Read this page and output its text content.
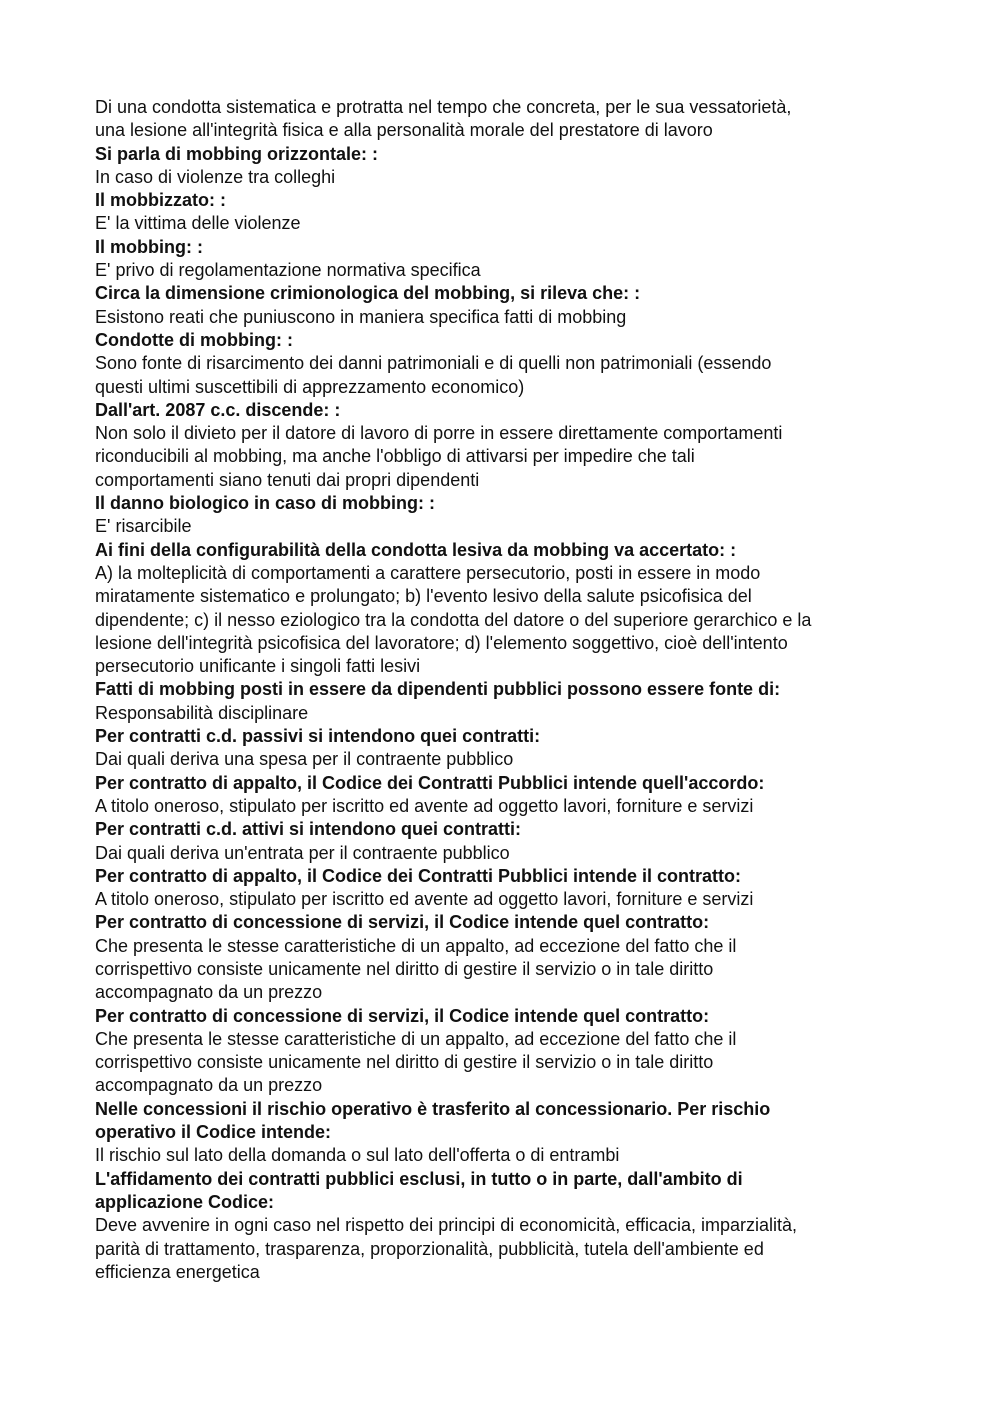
Di una condotta sistematica e protratta nel tempo che concreta, per le sua vessatorietà,
una lesione all'integrità fisica e alla personalità morale del prestatore di lavoro
Si parla di mobbing orizzontale: :
In caso di violenze tra colleghi
Il mobbizzato: :
E' la vittima delle violenze
Il mobbing: :
E' privo di regolamentazione normativa specifica
Circa la dimensione crimionologica del mobbing, si rileva che: :
Esistono reati che puniuscono in maniera specifica fatti di mobbing
Condotte di mobbing: :
Sono fonte di risarcimento dei danni patrimoniali e di quelli non patrimoniali (essendo
questi ultimi suscettibili di apprezzamento economico)
Dall'art. 2087 c.c. discende: :
Non solo il divieto per il datore di lavoro di porre in essere direttamente comportamenti
riconducibili al mobbing, ma anche l'obbligo di attivarsi per impedire che tali
comportamenti siano tenuti dai propri dipendenti
Il danno biologico in caso di mobbing: :
E' risarcibile
Ai fini della configurabilità della condotta lesiva da mobbing va accertato: :
A) la molteplicità di comportamenti a carattere persecutorio, posti in essere in modo
miratamente sistematico e prolungato; b) l'evento lesivo della salute psicofisica del
dipendente; c) il nesso eziologico tra la condotta del datore o del superiore gerarchico e la
lesione dell'integrità psicofisica del lavoratore; d) l'elemento soggettivo, cioè dell'intento
persecutorio unificante i singoli fatti lesivi
Fatti di mobbing posti in essere da dipendenti pubblici possono essere fonte di:
Responsabilità disciplinare
Per contratti c.d. passivi si intendono quei contratti:
Dai quali deriva una spesa per il contraente pubblico
Per contratto di appalto, il Codice dei Contratti Pubblici intende quell'accordo:
A titolo oneroso, stipulato per iscritto ed avente ad oggetto lavori, forniture e servizi
Per contratti c.d. attivi si intendono quei contratti:
Dai quali deriva un'entrata per il contraente pubblico
Per contratto di appalto, il Codice dei Contratti Pubblici intende il contratto:
A titolo oneroso, stipulato per iscritto ed avente ad oggetto lavori, forniture e servizi
Per contratto di concessione di servizi, il Codice intende quel contratto:
Che presenta le stesse caratteristiche di un appalto, ad eccezione del fatto che il
corrispettivo consiste unicamente nel diritto di gestire il servizio o in tale diritto
accompagnato da un prezzo
Per contratto di concessione di servizi, il Codice intende quel contratto:
Che presenta le stesse caratteristiche di un appalto, ad eccezione del fatto che il
corrispettivo consiste unicamente nel diritto di gestire il servizio o in tale diritto
accompagnato da un prezzo
Nelle concessioni il rischio operativo è trasferito al concessionario. Per rischio
operativo il Codice intende:
Il rischio sul lato della domanda o sul lato dell'offerta o di entrambi
L'affidamento dei contratti pubblici esclusi, in tutto o in parte, dall'ambito di
applicazione Codice:
Deve avvenire in ogni caso nel rispetto dei principi di economicità, efficacia, imparzialità,
parità di trattamento, trasparenza, proporzionalità, pubblicità, tutela dell'ambiente ed
efficienza energetica
